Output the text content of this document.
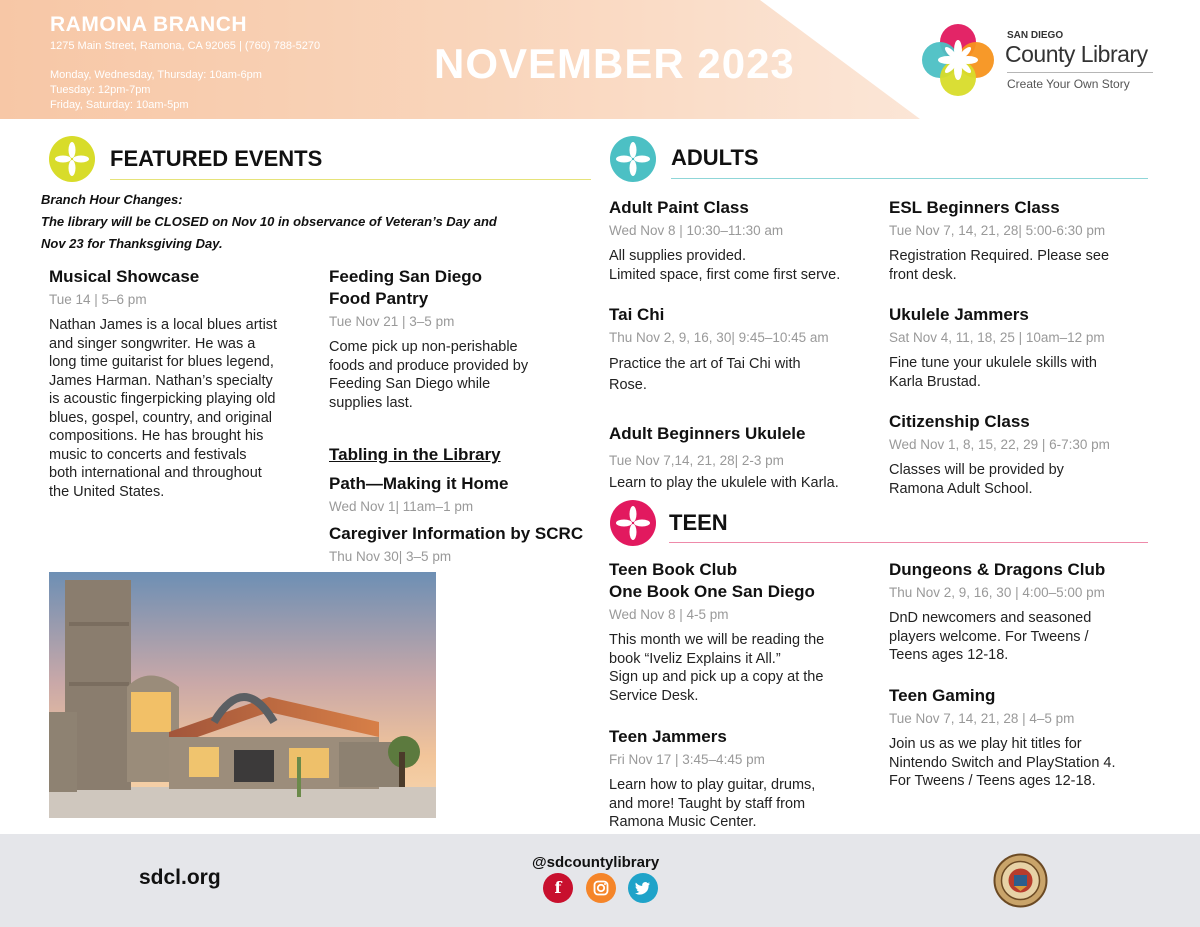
RAMONA BRANCH
1275 Main Street, Ramona, CA 92065 | (760) 788-5270
Monday, Wednesday, Thursday: 10am-6pm
Tuesday: 12pm-7pm
Friday, Saturday: 10am-5pm
NOVEMBER 2023
SAN DIEGO
County Library
Create Your Own Story
FEATURED EVENTS
Branch Hour Changes:
The library will be CLOSED on Nov 10 in observance of Veteran’s Day and
Nov 23 for Thanksgiving Day.
Musical Showcase
Tue 14 | 5–6 pm
Nathan James is a local blues artist
and singer songwriter. He was a
long time guitarist for blues legend,
James Harman. Nathan’s specialty
is acoustic fingerpicking playing old
blues, gospel, country, and original
compositions. He has brought his
music to concerts and festivals
both international and throughout
the United States.
Feeding San Diego
Food Pantry
Tue Nov 21 | 3–5 pm
Come pick up non-perishable
foods and produce provided by
Feeding San Diego while
supplies last.
Tabling in the Library
Path—Making it Home
Wed Nov 1| 11am–1 pm
Caregiver Information by SCRC
Thu Nov 30| 3–5 pm
ADULTS
Adult Paint Class
Wed Nov 8 | 10:30–11:30 am
All supplies provided.
Limited space, first come first serve.
Tai Chi
Thu Nov 2, 9, 16, 30| 9:45–10:45 am
Practice the art of Tai Chi with
Rose.
Adult Beginners Ukulele
Tue Nov 7,14, 21, 28| 2-3 pm
Learn to play the ukulele with Karla.
ESL Beginners Class
Tue Nov 7, 14, 21, 28| 5:00-6:30 pm
Registration Required. Please see
front desk.
Ukulele Jammers
Sat Nov 4, 11, 18, 25 | 10am–12 pm
Fine tune your ukulele skills with
Karla Brustad.
Citizenship Class
Wed Nov 1, 8, 15, 22, 29 | 6-7:30 pm
Classes will be provided by
Ramona Adult School.
TEEN
Teen Book Club
One Book One San Diego
Wed Nov 8 | 4-5 pm
This month we will be reading the
book “Iveliz Explains it All.”
Sign up and pick up a copy at the
Service Desk.
Teen Jammers
Fri Nov 17 | 3:45–4:45 pm
Learn how to play guitar, drums,
and more! Taught by staff from
Ramona Music Center.
Dungeons & Dragons Club
Thu Nov 2, 9, 16, 30 | 4:00–5:00 pm
DnD newcomers and seasoned
players welcome. For Tweens /
Teens ages 12-18.
Teen Gaming
Tue Nov 7, 14, 21, 28 | 4–5 pm
Join us as we play hit titles for
Nintendo Switch and PlayStation 4.
For Tweens / Teens ages 12-18.
sdcl.org
@sdcountylibrary
f
